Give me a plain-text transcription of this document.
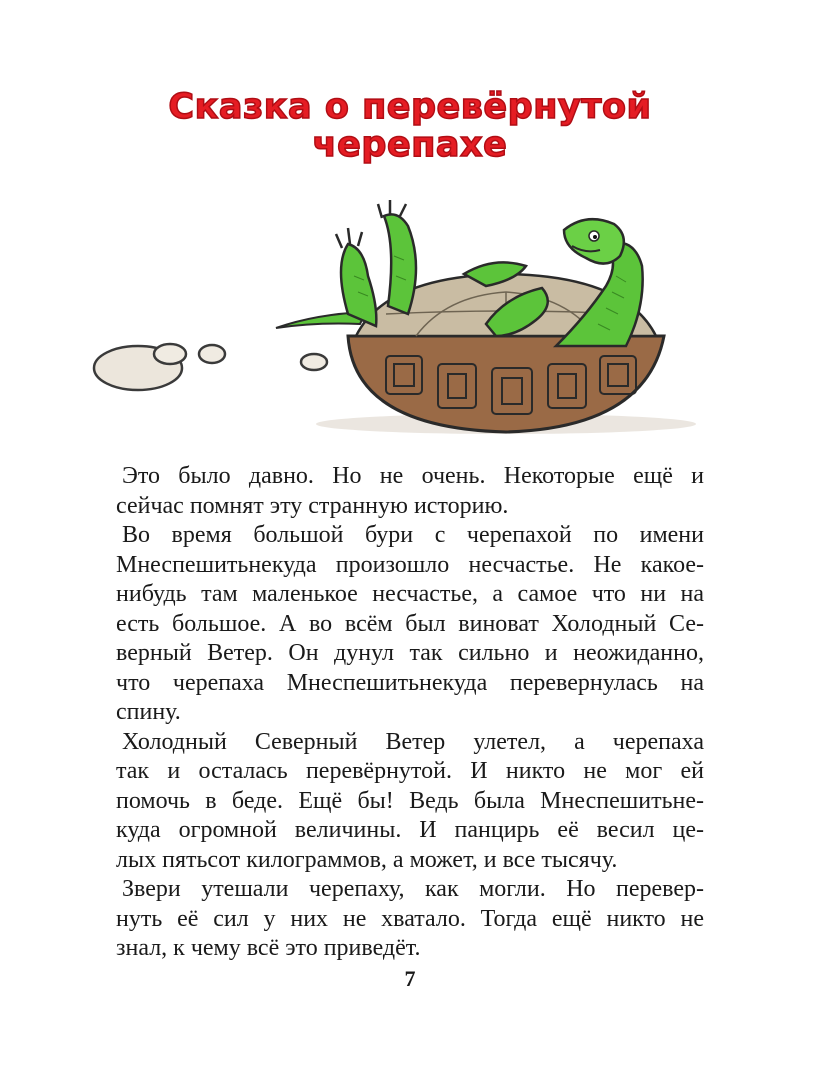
Сказка о перевёрнутой
черепахе
Это было давно. Но не очень. Некоторые ещё и
сейчас помнят эту странную историю.
Во время большой бури с черепахой по имени
Мнеспешитьнекуда произошло несчастье. Не какое-
нибудь там маленькое несчастье, а самое что ни на
есть большое. А во всём был виноват Холодный Се-
верный Ветер. Он дунул так сильно и неожиданно,
что черепаха Мнеспешитьнекуда перевернулась на
спину.
Холодный Северный Ветер улетел, а черепаха
так и осталась перевёрнутой. И никто не мог ей
помочь в беде. Ещё бы! Ведь была Мнеспешитьне-
куда огромной величины. И панцирь её весил це-
лых пятьсот килограммов, а может, и все тысячу.
Звери утешали черепаху, как могли. Но перевер-
нуть её сил у них не хватало. Тогда ещё никто не
знал, к чему всё это приведёт.
7
